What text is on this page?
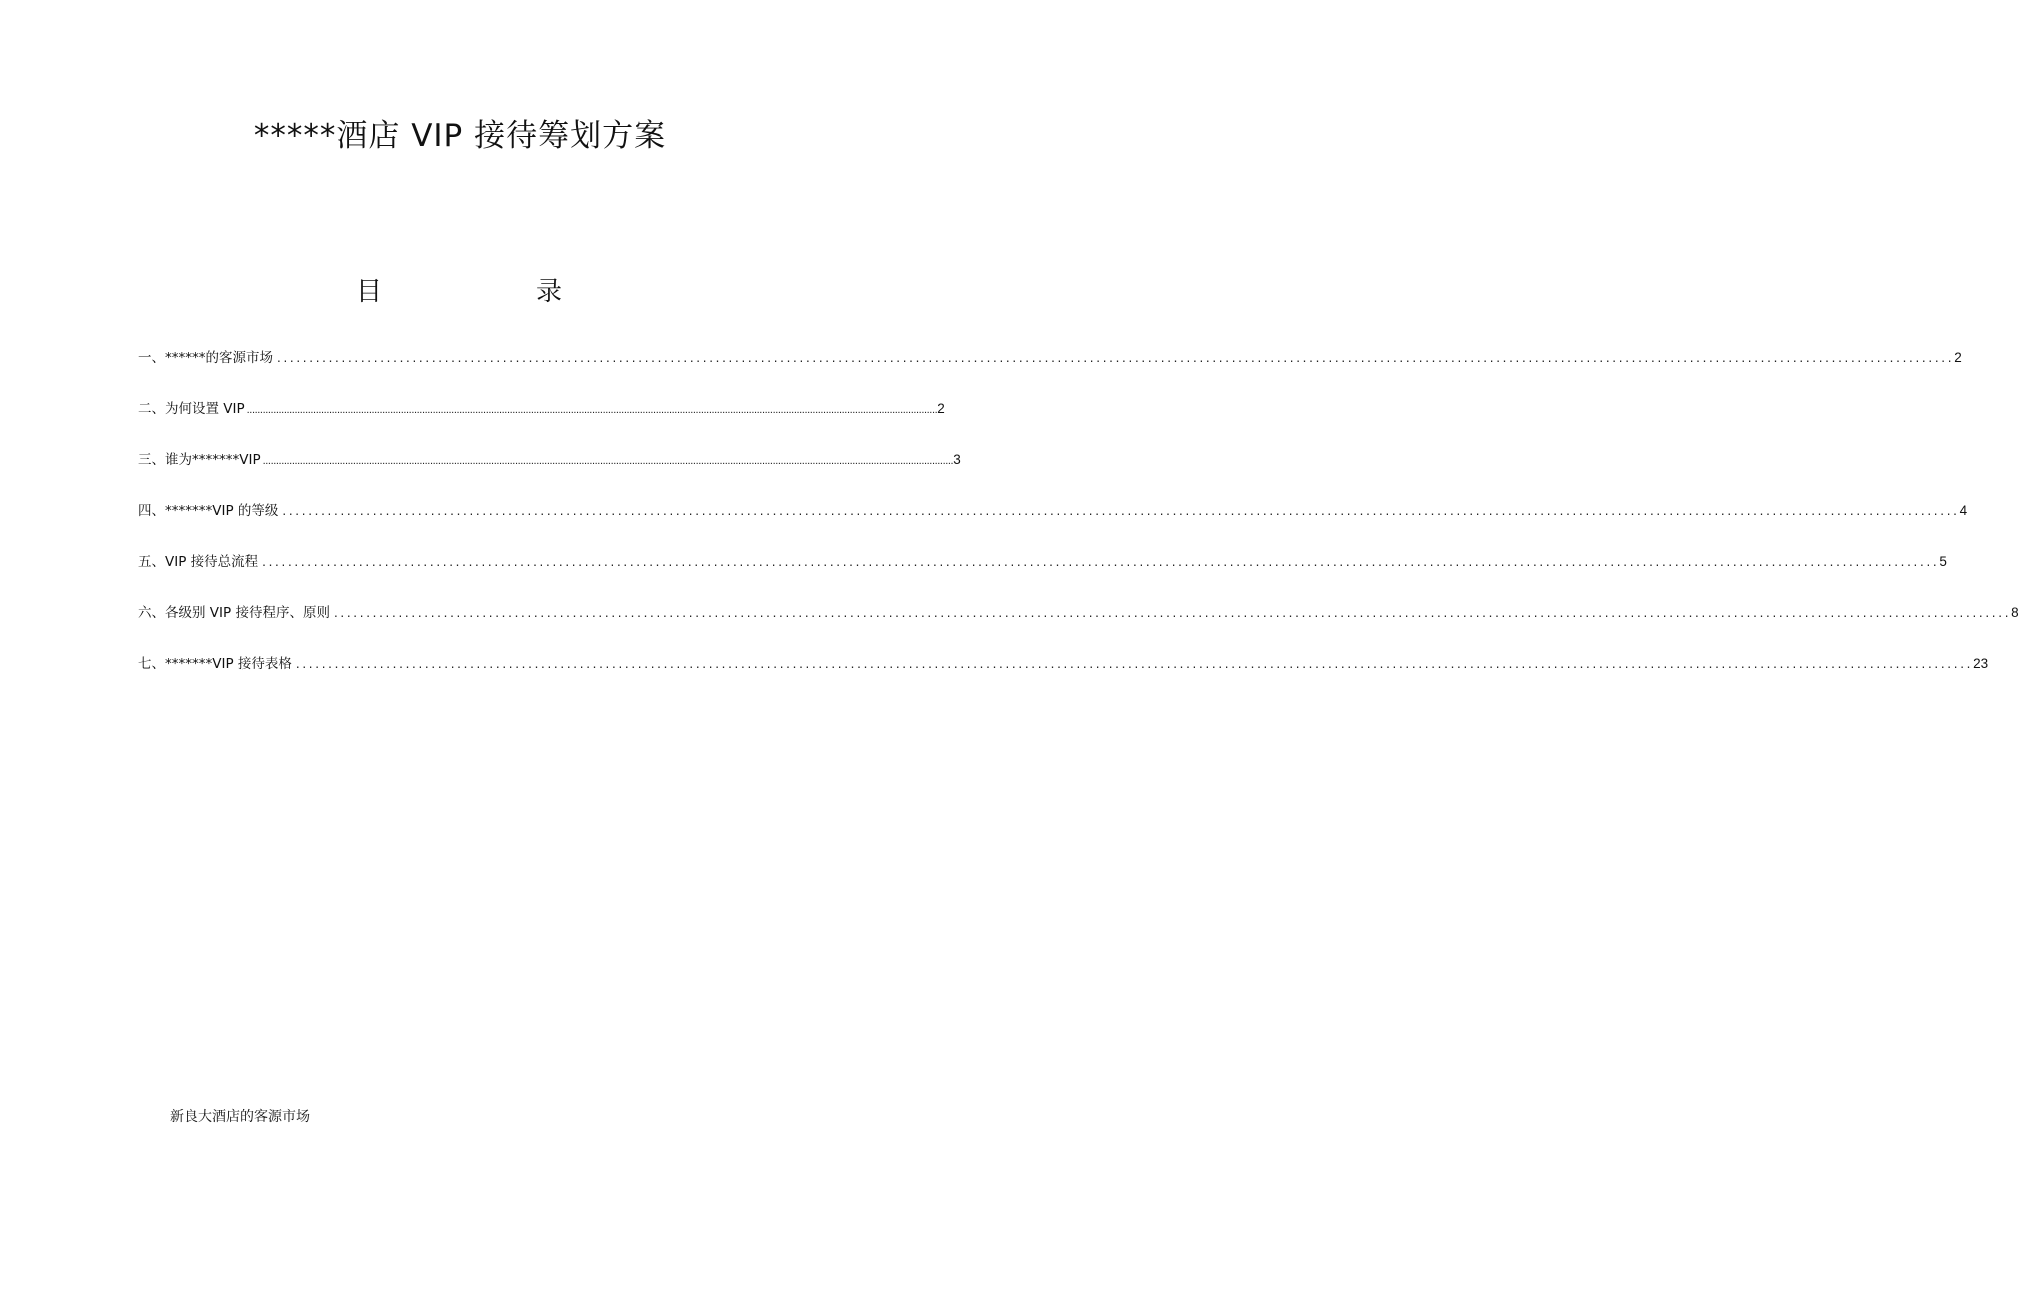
*****酒店 VIP 接待筹划方案
目	录
一、******的客源市场 .................................................................................................................................................................................................................................................................... 2
二、为何设置 VIP .................................................................................................................................................................................................................................................................... 2
三、谁为*******VIP .................................................................................................................................................................................................................................................................... 3
四、*******VIP 的等级 .................................................................................................................................................................................................................................................................... 4
五、VIP 接待总流程 .................................................................................................................................................................................................................................................................... 5
六、各级别 VIP 接待程序、原则 .................................................................................................................................................................................................................................................................... 8
七、*******VIP 接待表格 .................................................................................................................................................................................................................................................................... 23

新良大酒店的客源市场
